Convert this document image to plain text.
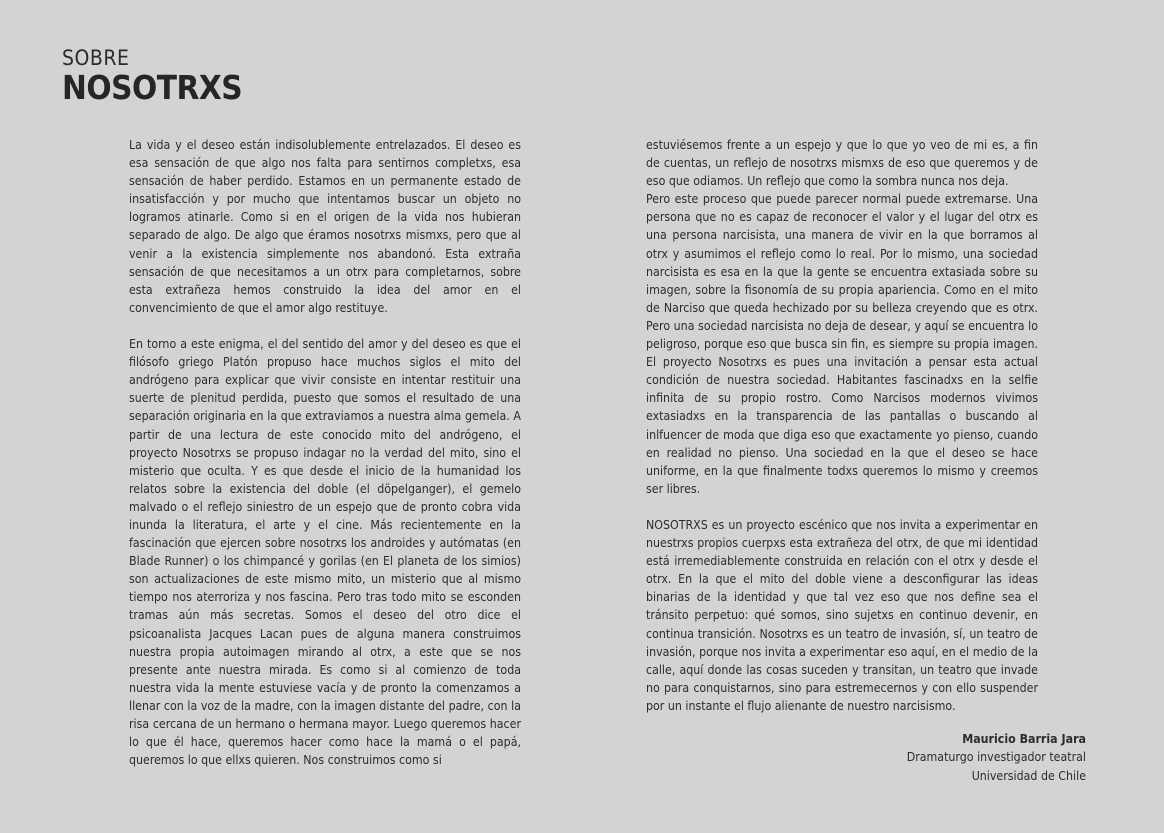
SOBRE
NOSOTRXS

La vida y el deseo están indisolublemente entrelazados. El deseo es esa sensación de que algo nos falta para sentirnos completxs, esa sensación de haber perdido. Estamos en un permanente estado de insatisfacción y por mucho que intentamos buscar un objeto no logramos atinarle. Como si en el origen de la vida nos hubieran separado de algo. De algo que éramos nosotrxs mismxs, pero que al venir a la existencia simplemente nos abandonó. Esta extraña sensación de que necesitamos a un otrx para completarnos, sobre esta extrañeza hemos construido la idea del amor en el convencimiento de que el amor algo restituye.

En torno a este enigma, el del sentido del amor y del deseo es que el filósofo griego Platón propuso hace muchos siglos el mito del andrógeno para explicar que vivir consiste en intentar restituir una suerte de plenitud perdida, puesto que somos el resultado de una separación originaria en la que extraviamos a nuestra alma gemela. A partir de una lectura de este conocido mito del andrógeno, el proyecto Nosotrxs se propuso indagar no la verdad del mito, sino el misterio que oculta. Y es que desde el inicio de la humanidad los relatos sobre la existencia del doble (el döpelganger), el gemelo malvado o el reflejo siniestro de un espejo que de pronto cobra vida inunda la literatura, el arte y el cine. Más recientemente en la fascinación que ejercen sobre nosotrxs los androides y autómatas (en Blade Runner) o los chimpancé y gorilas (en El planeta de los simios) son actualizaciones de este mismo mito, un misterio que al mismo tiempo nos aterroriza y nos fascina. Pero tras todo mito se esconden tramas aún más secretas. Somos el deseo del otro dice el psicoanalista Jacques Lacan pues de alguna manera construimos nuestra propia autoimagen mirando al otrx, a este que se nos presente ante nuestra mirada. Es como si al comienzo de toda nuestra vida la mente estuviese vacía y de pronto la comenzamos a llenar con la voz de la madre, con la imagen distante del padre, con la risa cercana de un hermano o hermana mayor. Luego queremos hacer lo que él hace, queremos hacer como hace la mamá o el papá, queremos lo que ellxs quieren. Nos construimos como si

estuviésemos frente a un espejo y que lo que yo veo de mi es, a fin de cuentas, un reflejo de nosotrxs mismxs de eso que queremos y de eso que odiamos. Un reflejo que como la sombra nunca nos deja.

Pero este proceso que puede parecer normal puede extremarse. Una persona que no es capaz de reconocer el valor y el lugar del otrx es una persona narcisista, una manera de vivir en la que borramos al otrx y asumimos el reflejo como lo real. Por lo mismo, una sociedad narcisista es esa en la que la gente se encuentra extasiada sobre su imagen, sobre la fisonomía de su propia apariencia. Como en el mito de Narciso que queda hechizado por su belleza creyendo que es otrx. Pero una sociedad narcisista no deja de desear, y aquí se encuentra lo peligroso, porque eso que busca sin fin, es siempre su propia imagen. El proyecto Nosotrxs es pues una invitación a pensar esta actual condición de nuestra sociedad. Habitantes fascinadxs en la selfie infinita de su propio rostro. Como Narcisos modernos vivimos extasiadxs en la transparencia de las pantallas o buscando al inlfuencer de moda que diga eso que exactamente yo pienso, cuando en realidad no pienso. Una sociedad en la que el deseo se hace uniforme, en la que finalmente todxs queremos lo mismo y creemos ser libres.

NOSOTRXS es un proyecto escénico que nos invita a experimentar en nuestrxs propios cuerpxs esta extrañeza del otrx, de que mi identidad está irremediablemente construida en relación con el otrx y desde el otrx. En la que el mito del doble viene a desconfigurar las ideas binarias de la identidad y que tal vez eso que nos define sea el tránsito perpetuo: qué somos, sino sujetxs en continuo devenir, en continua transición. Nosotrxs es un teatro de invasión, sí, un teatro de invasión, porque nos invita a experimentar eso aquí, en el medio de la calle, aquí donde las cosas suceden y transitan, un teatro que invade no para conquistarnos, sino para estremecernos y con ello suspender por un instante el flujo alienante de nuestro narcisismo.

Mauricio Barria Jara
Dramaturgo investigador teatral
Universidad de Chile
